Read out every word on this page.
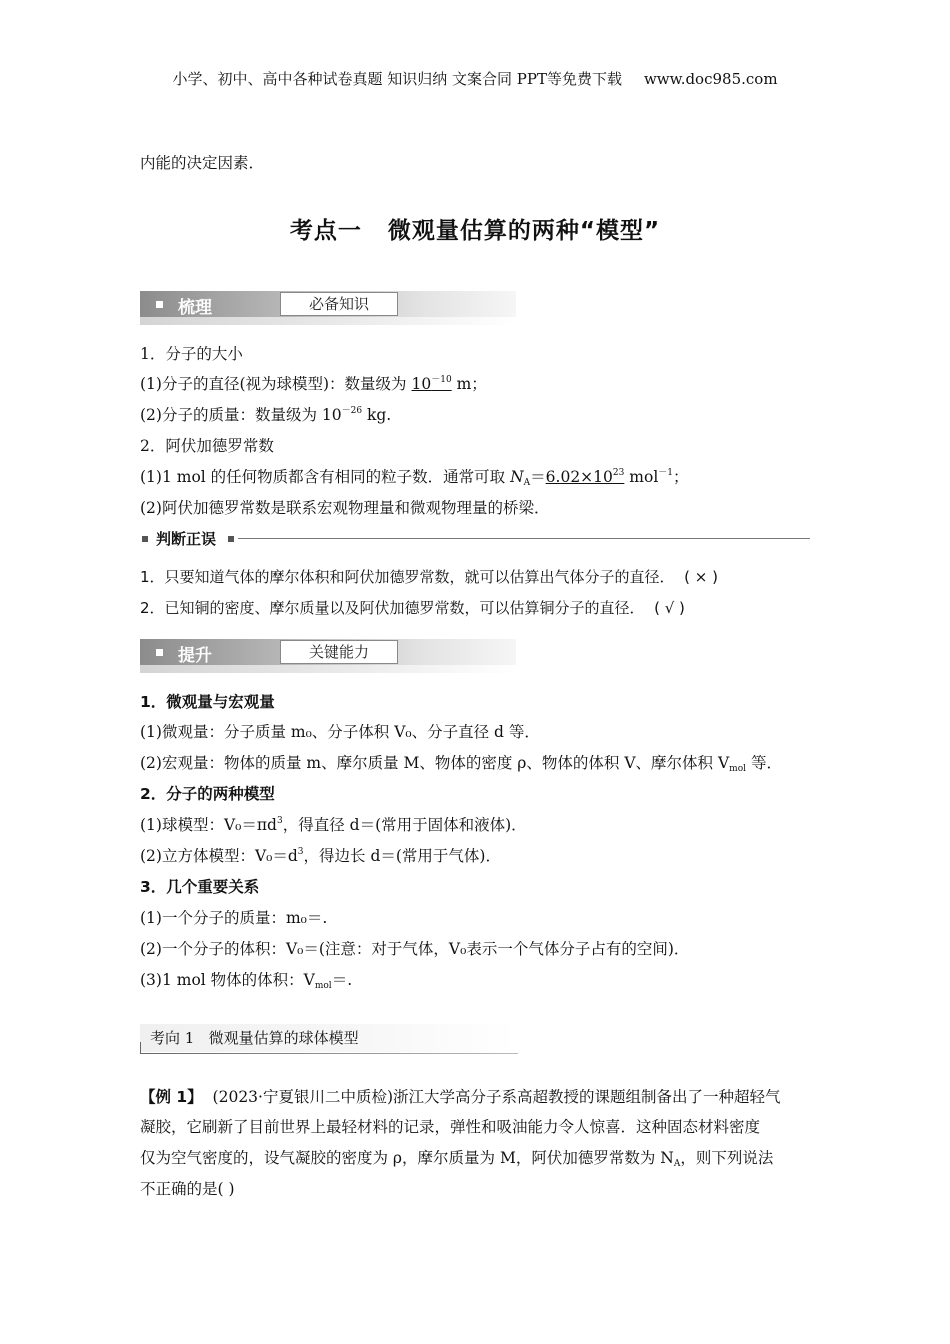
小学、初中、高中各种试卷真题 知识归纳 文案合同 PPT等免费下载 www.doc985.com
内能的决定因素．
考点一 微观量估算的两种“模型”
梳理	必备知识
1．分子的大小
(1)分子的直径(视为球模型)：数量级为 $10^{-10}$ m；
(2)分子的质量：数量级为 $10^{-26}$ kg.
2．阿伏加德罗常数
(1)1 mol 的任何物质都含有相同的粒子数．通常可取 $N_A=6.02\times 10^{23}$ mol$^{-1}$；
(2)阿伏加德罗常数是联系宏观物理量和微观物理量的桥梁．
判断正误
1．只要知道气体的摩尔体积和阿伏加德罗常数，就可以估算出气体分子的直径． ( × )
2．已知铜的密度、摩尔质量以及阿伏加德罗常数，可以估算铜分子的直径． ( √ )
提升	关键能力
1．微观量与宏观量
(1)微观量：分子质量 m₀、分子体积 V₀、分子直径 d 等．
(2)宏观量：物体的质量 m、摩尔质量 M、物体的密度 ρ、物体的体积 V、摩尔体积 $V_{mol}$ 等．
2．分子的两种模型
(1)球模型：$V_0=\pi d^3$，得直径 d＝(常用于固体和液体)．
(2)立方体模型：$V_0=d^3$，得边长 d＝(常用于气体)．
3．几个重要关系
(1)一个分子的质量：m₀＝.
(2)一个分子的体积：V₀＝(注意：对于气体，V₀表示一个气体分子占有的空间)．
(3)1 mol 物体的体积：$V_{mol}=$.
考向 1 微观量估算的球体模型
【例 1】 (2023·宁夏银川二中质检)浙江大学高分子系高超教授的课题组制备出了一种超轻气
凝胶，它刷新了目前世界上最轻材料的记录，弹性和吸油能力令人惊喜．这种固态材料密度
仅为空气密度的，设气凝胶的密度为 ρ，摩尔质量为 M，阿伏加德罗常数为 $N_A$，则下列说法
不正确的是( )
